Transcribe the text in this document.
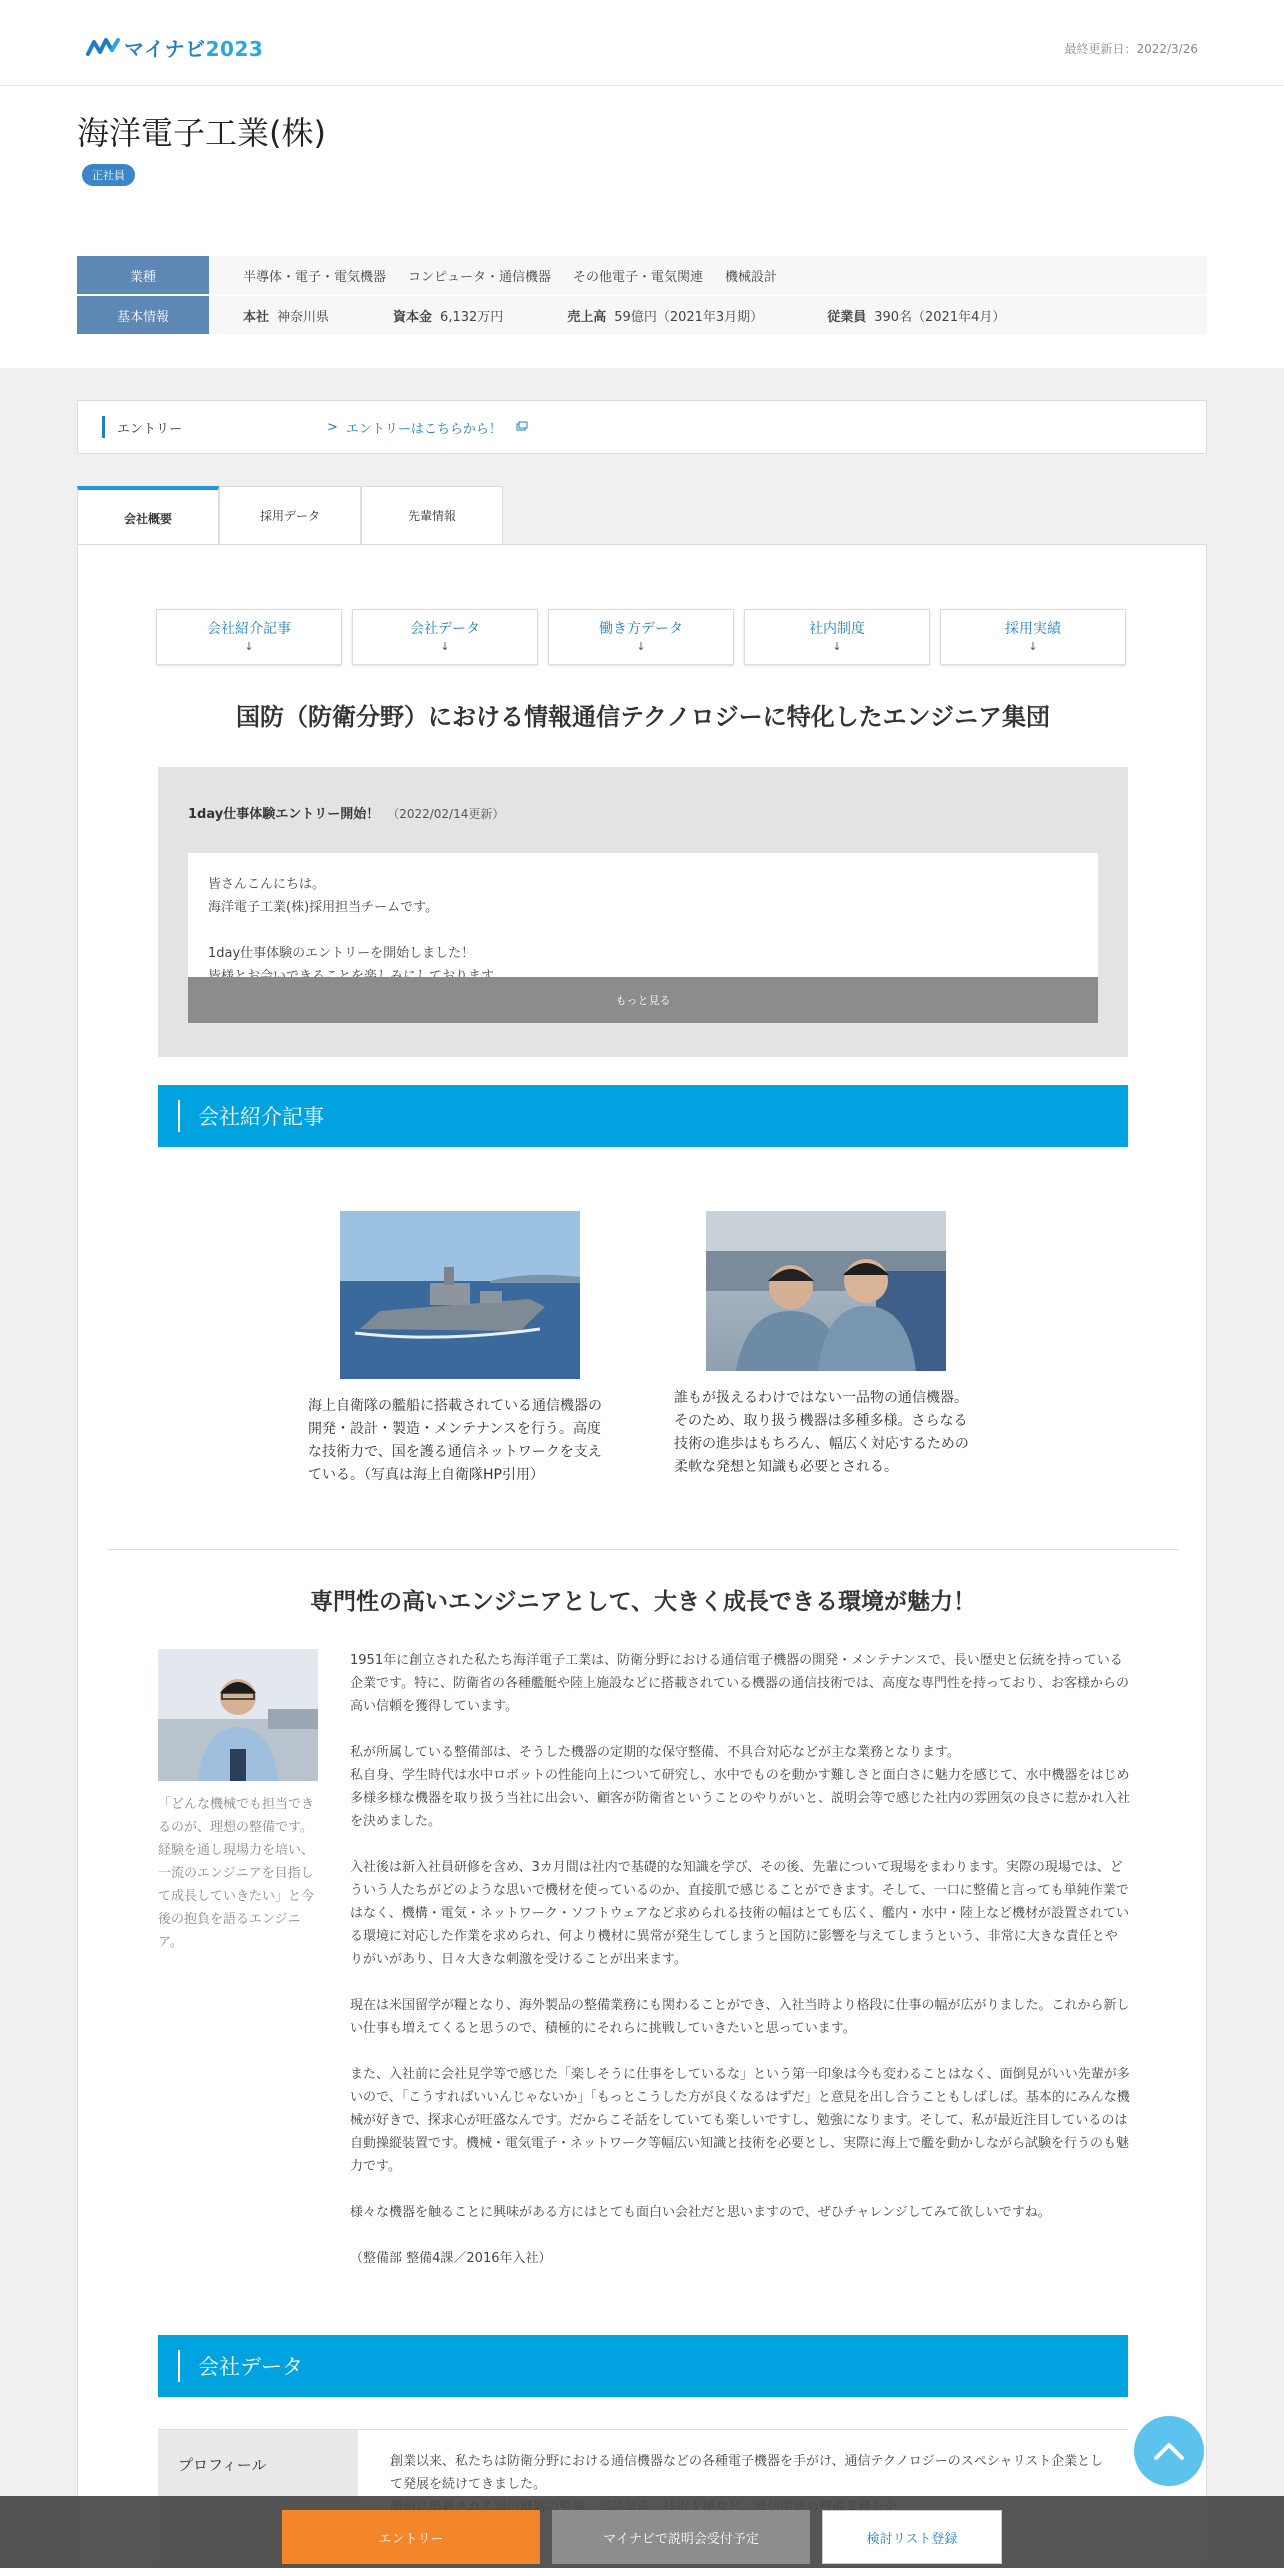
マイナビ2023	最終更新日：2022/3/26
海洋電子工業(株)
正社員
業種	半導体・電子・電気機器 コンピュータ・通信機器 その他電子・電気関連 機械設計
基本情報	本社 神奈川県	資本金 6,132万円	売上高 59億円（2021年3月期）	従業員 390名（2021年4月）
エントリー	> エントリーはこちらから！
会社概要	採用データ	先輩情報
会社紹介記事
↓
会社データ
↓
働き方データ
↓
社内制度
↓
採用実績
↓
国防（防衛分野）における情報通信テクノロジーに特化したエンジニア集団
1day仕事体験エントリー開始！ （2022/02/14更新）
皆さんこんにちは。
海洋電子工業(株)採用担当チームです。

1day仕事体験のエントリーを開始しました！

もっと見る
会社紹介記事
海上自衛隊の艦船に搭載されている通信機器の開発・設計・製造・メンテナンスを行う。高度な技術力で、国を護る通信ネットワークを支えている。（写真は海上自衛隊HP引用）
誰もが扱えるわけではない一品物の通信機器。そのため、取り扱う機器は多種多様。さらなる技術の進歩はもちろん、幅広く対応するための柔軟な発想と知識も必要とされる。
専門性の高いエンジニアとして、大きく成長できる環境が魅力！
「どんな機械でも担当できるのが、理想の整備です。経験を通し現場力を培い、一流のエンジニアを目指して成長していきたい」と今後の抱負を語るエンジニア。

1951年に創立された私たち海洋電子工業は、防衛分野における通信電子機器の開発・メンテナンスで、長い歴史と伝統を持っている企業です。特に、防衛省の各種艦艇や陸上施設などに搭載されている機器の通信技術では、高度な専門性を持っており、お客様からの高い信頼を獲得しています。

私が所属している整備部は、そうした機器の定期的な保守整備、不具合対応などが主な業務となります。
私自身、学生時代は水中ロボットの性能向上について研究し、水中でものを動かす難しさと面白さに魅力を感じて、水中機器をはじめ多様多様な機器を取り扱う当社に出会い、顧客が防衛省ということのやりがいと、説明会等で感じた社内の雰囲気の良さに惹かれ入社を決めました。

入社後は新入社員研修を含め、3カ月間は社内で基礎的な知識を学び、その後、先輩について現場をまわります。実際の現場では、どういう人たちがどのような思いで機材を使っているのか、直接肌で感じることができます。そして、一口に整備と言っても単純作業ではなく、機構・電気・ネットワーク・ソフトウェアなど求められる技術の幅はとても広く、艦内・水中・陸上など機材が設置されている環境に対応した作業を求められ、何より機材に異常が発生してしまうと国防に影響を与えてしまうという、非常に大きな責任とやりがいがあり、日々大きな刺激を受けることが出来ます。

現在は米国留学が糧となり、海外製品の整備業務にも関わることができ、入社当時より格段に仕事の幅が広がりました。これから新しい仕事も増えてくると思うので、積極的にそれらに挑戦していきたいと思っています。

また、入社前に会社見学等で感じた「楽しそうに仕事をしているな」という第一印象は今も変わることはなく、面倒見がいい先輩が多いので、「こうすればいいんじゃないか」「もっとこうした方が良くなるはずだ」と意見を出し合うこともしばしば。基本的にみんな機械が好きで、探求心が旺盛なんです。だからこそ話をしていても楽しいですし、勉強になります。そして、私が最近注目しているのは自動操縦装置です。機械・電気電子・ネットワーク等幅広い知識と技術を必要とし、実際に海上で艦を動かしながら試験を行うのも魅力です。

様々な機器を触ることに興味がある方にはとても面白い会社だと思いますので、ぜひチャレンジしてみて欲しいですね。

（整備部 整備4課／2016年入社）

会社データ
プロフィール	創業以来、私たちは防衛分野における通信機器などの各種電子機器を手がけ、通信テクノロジーのスペシャリスト企業として発展を続けてきました。

エントリー	マイナビで説明会受付予定	検討リスト登録
